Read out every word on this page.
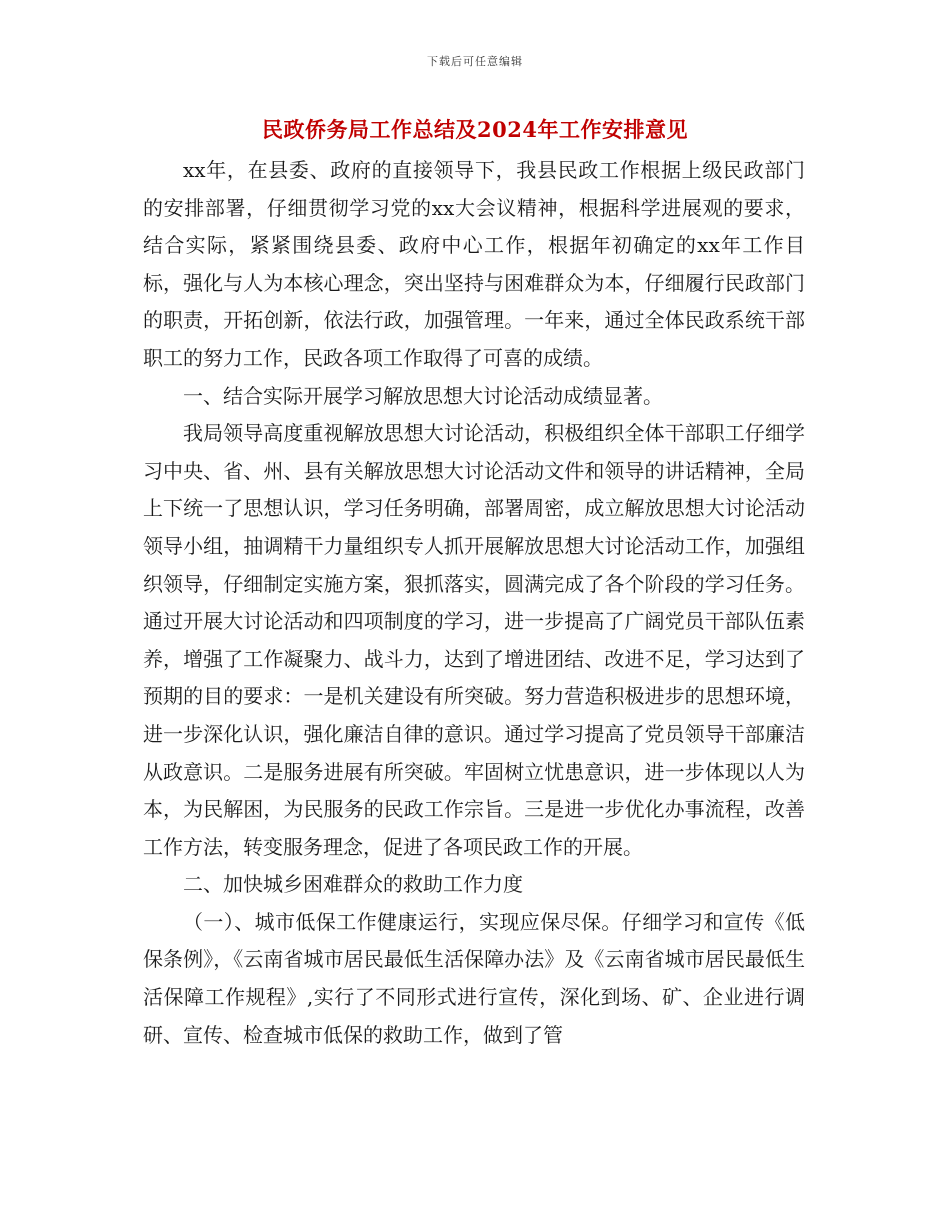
下载后可任意编辑
民政侨务局工作总结及2024年工作安排意见

xx年，在县委、政府的直接领导下，我县民政工作根据上级民政部门的安排部署，仔细贯彻学习党的xx大会议精神，根据科学进展观的要求，结合实际，紧紧围绕县委、政府中心工作，根据年初确定的xx年工作目标，强化与人为本核心理念，突出坚持与困难群众为本，仔细履行民政部门的职责，开拓创新，依法行政，加强管理。一年来，通过全体民政系统干部职工的努力工作，民政各项工作取得了可喜的成绩。

一、结合实际开展学习解放思想大讨论活动成绩显著。

我局领导高度重视解放思想大讨论活动，积极组织全体干部职工仔细学习中央、省、州、县有关解放思想大讨论活动文件和领导的讲话精神，全局上下统一了思想认识，学习任务明确，部署周密，成立解放思想大讨论活动领导小组，抽调精干力量组织专人抓开展解放思想大讨论活动工作，加强组织领导，仔细制定实施方案，狠抓落实，圆满完成了各个阶段的学习任务。通过开展大讨论活动和四项制度的学习，进一步提高了广阔党员干部队伍素养，增强了工作凝聚力、战斗力，达到了增进团结、改进不足，学习达到了预期的目的要求：一是机关建设有所突破。努力营造积极进步的思想环境，进一步深化认识，强化廉洁自律的意识。通过学习提高了党员领导干部廉洁从政意识。二是服务进展有所突破。牢固树立忧患意识，进一步体现以人为本，为民解困，为民服务的民政工作宗旨。三是进一步优化办事流程，改善工作方法，转变服务理念，促进了各项民政工作的开展。

二、加快城乡困难群众的救助工作力度

（一）、城市低保工作健康运行，实现应保尽保。仔细学习和宣传《低保条例》，《云南省城市居民最低生活保障办法》及《云南省城市居民最低生活保障工作规程》,实行了不同形式进行宣传，深化到场、矿、企业进行调研、宣传、检查城市低保的救助工作，做到了管
